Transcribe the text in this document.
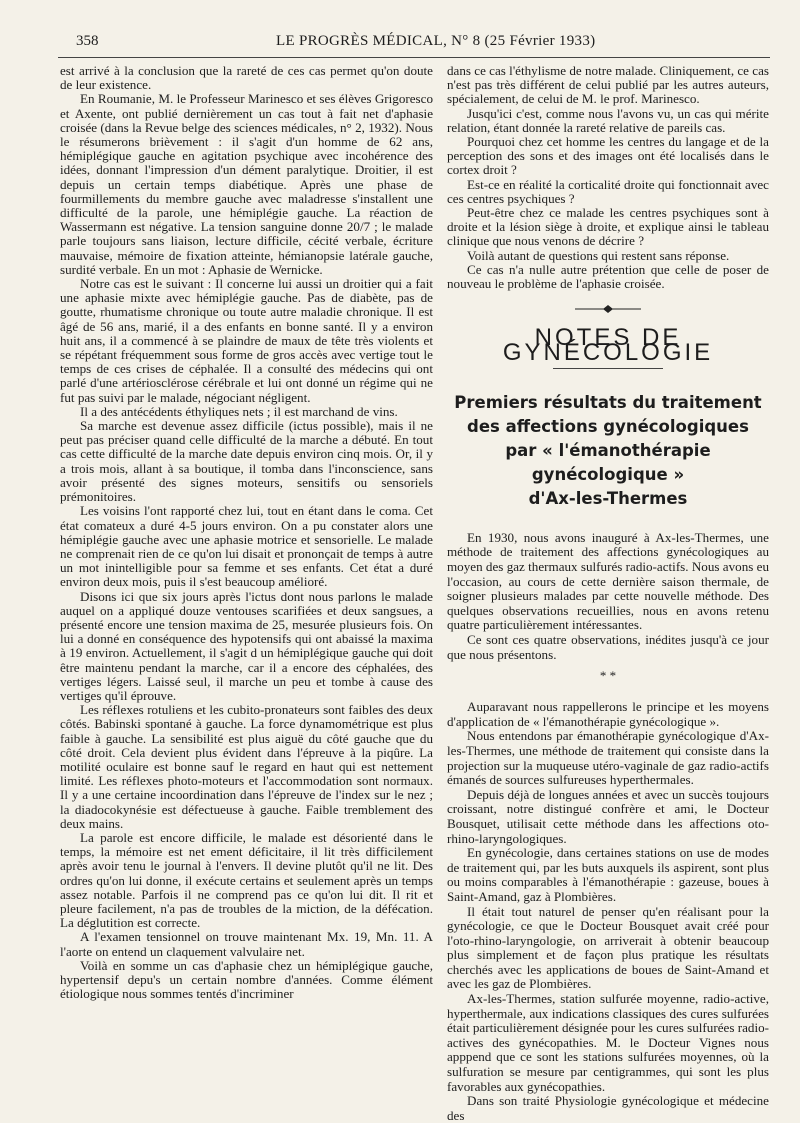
358	LE PROGRÈS MÉDICAL, N° 8 (25 Février 1933)

est arrivé à la conclusion que la rareté de ces cas permet qu'on doute de leur existence.

En Roumanie, M. le Professeur Marinesco et ses élèves Grigoresco et Axente, ont publié dernièrement un cas tout à fait net d'aphasie croisée (dans la Revue belge des sciences médicales, n° 2, 1932). Nous le résumerons brièvement : il s'agit d'un homme de 62 ans, hémiplégique gauche en agitation psychique avec incohérence des idées, donnant l'impression d'un dément paralytique. Droitier, il est depuis un certain temps diabétique. Après une phase de fourmillements du membre gauche avec maladresse s'installent une difficulté de la parole, une hémiplégie gauche. La réaction de Wassermann est négative. La tension sanguine donne 20/7 ; le malade parle toujours sans liaison, lecture difficile, cécité verbale, écriture mauvaise, mémoire de fixation atteinte, hémianopsie latérale gauche, surdité verbale. En un mot : Aphasie de Wernicke.

Notre cas est le suivant : Il concerne lui aussi un droitier qui a fait une aphasie mixte avec hémiplégie gauche. Pas de diabète, pas de goutte, rhumatisme chronique ou toute autre maladie chronique. Il est âgé de 56 ans, marié, il a des enfants en bonne santé. Il y a environ huit ans, il a commencé à se plaindre de maux de tête très violents et se répétant fréquemment sous forme de gros accès avec vertige tout le temps de ces crises de céphalée. Il a consulté des médecins qui ont parlé d'une artériosclérose cérébrale et lui ont donné un régime qui ne fut pas suivi par le malade, négociant négligent.

Il a des antécédents éthyliques nets ; il est marchand de vins.

Sa marche est devenue assez difficile (ictus possible), mais il ne peut pas préciser quand celle difficulté de la marche a débuté. En tout cas cette difficulté de la marche date depuis environ cinq mois. Or, il y a trois mois, allant à sa boutique, il tomba dans l'inconscience, sans avoir présenté des signes moteurs, sensitifs ou sensoriels prémonitoires.

Les voisins l'ont rapporté chez lui, tout en étant dans le coma. Cet état comateux a duré 4-5 jours environ. On a pu constater alors une hémiplégie gauche avec une aphasie motrice et sensorielle. Le malade ne comprenait rien de ce qu'on lui disait et prononçait de temps à autre un mot inintelligible pour sa femme et ses enfants. Cet état a duré environ deux mois, puis il s'est beaucoup amélioré.

Disons ici que six jours après l'ictus dont nous parlons le malade auquel on a appliqué douze ventouses scarifiées et deux sangsues, a présenté encore une tension maxima de 25, mesurée plusieurs fois. On lui a donné en conséquence des hypotensifs qui ont abaissé la maxima à 19 environ. Actuellement, il s'agit d un hémiplégique gauche qui doit être maintenu pendant la marche, car il a encore des céphalées, des vertiges légers. Laissé seul, il marche un peu et tombe à cause des vertiges qu'il éprouve.

Les réflexes rotuliens et les cubito-pronateurs sont faibles des deux côtés. Babinski spontané à gauche. La force dynamométrique est plus faible à gauche. La sensibilité est plus aiguë du côté gauche que du côté droit. Cela devient plus évident dans l'épreuve à la piqûre. La motilité oculaire est bonne sauf le regard en haut qui est nettement limité. Les réflexes photo-moteurs et l'accommodation sont normaux. Il y a une certaine incoordination dans l'épreuve de l'index sur le nez ; la diadocokynésie est défectueuse à gauche. Faible tremblement des deux mains.

La parole est encore difficile, le malade est désorienté dans le temps, la mémoire est net ement déficitaire, il lit très difficilement après avoir tenu le journal à l'envers. Il devine plutôt qu'il ne lit. Des ordres qu'on lui donne, il exécute certains et seulement après un temps assez notable. Parfois il ne comprend pas ce qu'on lui dit. Il rit et pleure facilement, n'a pas de troubles de la miction, de la défécation. La déglutition est correcte.

A l'examen tensionnel on trouve maintenant Mx. 19, Mn. 11. A l'aorte on entend un claquement valvulaire net.

Voilà en somme un cas d'aphasie chez un hémiplégique gauche, hypertensif depu's un certain nombre d'années. Comme élément étiologique nous sommes tentés d'incriminer

dans ce cas l'éthylisme de notre malade. Cliniquement, ce cas n'est pas très différent de celui publié par les autres auteurs, spécialement, de celui de M. le prof. Marinesco.

Jusqu'ici c'est, comme nous l'avons vu, un cas qui mérite relation, étant donnée la rareté relative de pareils cas.

Pourquoi chez cet homme les centres du langage et de la perception des sons et des images ont été localisés dans le cortex droit ?

Est-ce en réalité la corticalité droite qui fonctionnait avec ces centres psychiques ?

Peut-être chez ce malade les centres psychiques sont à droite et la lésion siège à droite, et explique ainsi le tableau clinique que nous venons de décrire ?

Voilà autant de questions qui restent sans réponse.

Ce cas n'a nulle autre prétention que celle de poser de nouveau le problème de l'aphasie croisée.

NOTES DE GYNÉCOLOGIE
Premiers résultats du traitement
des affections gynécologiques
par « l'émanothérapie gynécologique »
d'Ax-les-Thermes

En 1930, nous avons inauguré à Ax-les-Thermes, une méthode de traitement des affections gynécologiques au moyen des gaz thermaux sulfurés radio-actifs. Nous avons eu l'occasion, au cours de cette dernière saison thermale, de soigner plusieurs malades par cette nouvelle méthode. Des quelques observations recueillies, nous en avons retenu quatre particulièrement intéressantes.

Ce sont ces quatre observations, inédites jusqu'à ce jour que nous présentons.

* *

Auparavant nous rappellerons le principe et les moyens d'application de « l'émanothérapie gynécologique ».

Nous entendons par émanothérapie gynécologique d'Ax-les-Thermes, une méthode de traitement qui consiste dans la projection sur la muqueuse utéro-vaginale de gaz radio-actifs émanés de sources sulfureuses hyperthermales.

Depuis déjà de longues années et avec un succès toujours croissant, notre distingué confrère et ami, le Docteur Bousquet, utilisait cette méthode dans les affections oto-rhino-laryngologiques.

En gynécologie, dans certaines stations on use de modes de traitement qui, par les buts auxquels ils aspirent, sont plus ou moins comparables à l'émanothérapie : gazeuse, boues à Saint-Amand, gaz à Plombières.

Il était tout naturel de penser qu'en réalisant pour la gynécologie, ce que le Docteur Bousquet avait créé pour l'oto-rhino-laryngologie, on arriverait à obtenir beaucoup plus simplement et de façon plus pratique les résultats cherchés avec les applications de boues de Saint-Amand et avec les gaz de Plombières.

Ax-les-Thermes, station sulfurée moyenne, radio-active, hyperthermale, aux indications classiques des cures sulfurées était particulièrement désignée pour les cures sulfurées radio-actives des gynécopathies. M. le Docteur Vignes nous apppend que ce sont les stations sulfurées moyennes, où la sulfuration se mesure par centigrammes, qui sont les plus favorables aux gynécopathies.

Dans son traité Physiologie gynécologique et médecine des
